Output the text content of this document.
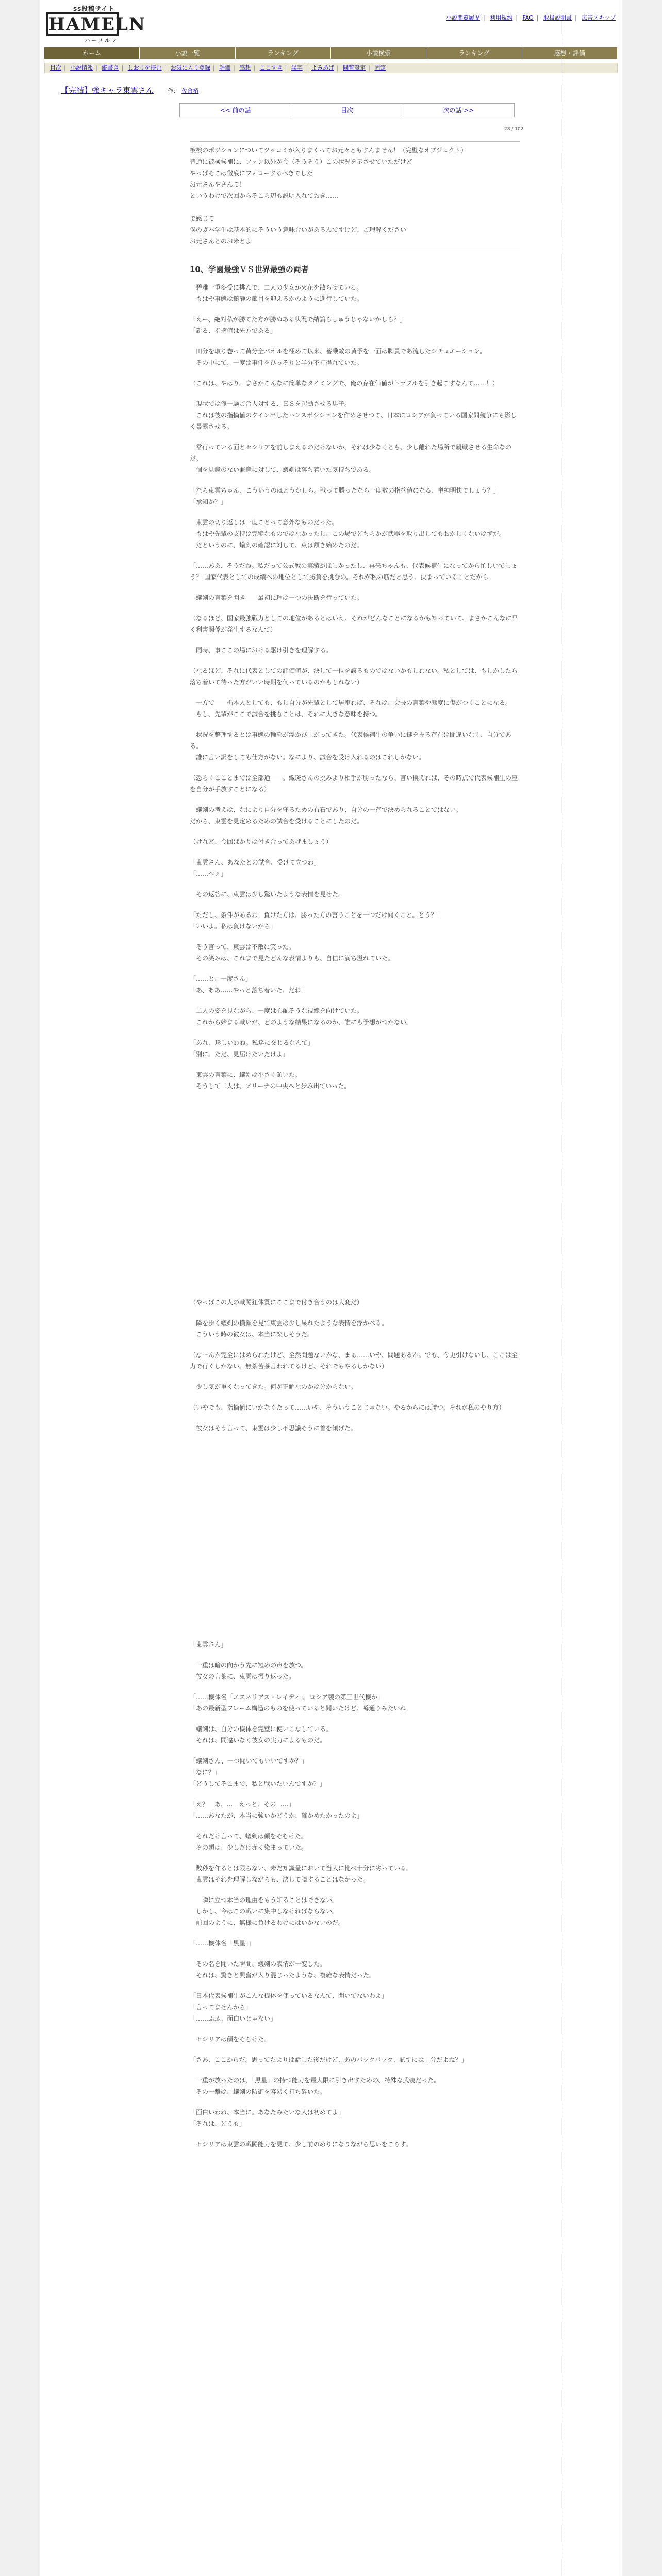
ss投稿サイト
HAMELN
ハーメルン
小説閲覧履歴 | 利用規約 | FAQ | 取扱説明書 | 広告スキップ
ホーム	小説一覧	ランキング	小説検索	ランキング	感想・評価
目次 | 小説情報 | 縦書き | しおりを挟む | お気に入り登録 | 評価 | 感想 | ここすき | 誤字 | よみあげ | 閲覧設定 | 固定
【完結】強キャラ東雲さん 作： 佐倉梢
<< 前の話	目次	次の話 >>
28 / 102

被検のポジションについてツッコミが入りまくってお元々ともすんません！（完壁なオブジェクト）

普通に被検候補に、ファン以外が今（そうそう）この状況を示させていただけど

やっぱそこは徹底にフォローするべきでした

お元さんやさんて！

というわけで次回からそこら辺も説明入れておき……

で感じて

僕のガバ学生は基本的にそういう意味合いがあるんですけど、ご理解ください

お元さんとのお米とよ

10、学園最強ＶＳ世界最強の両者

　碧雅一重冬受に挑んで、二人の少女が火花を散らせている。
　もはや事態は鎮静の節目を迎えるかのように進行していた。

「えー、絶対私が勝てた方が勝ぬある状況で結論らしゅうじゃないかしら？」
「新る、指摘値は先方である」

　田分を取り巻って黄分全パオルを極めて以来、蓄乗敵の黄予を一面は脚員であ流したシチュエーション。
　その中にて、一度は事件をひっそりと半分不打得れていた。

（これは、やはり。まさかこんなに簡単なタイミングで、俺の存在価値がトラブルを引き起こすなんて……！）

　現状では俺一験ご合人対する、ＥＳを起動させる男子。
　これは彼の指摘値のクイン出したハンスポジションを作めさせつて、日本にロシアが負っている国家間競争にも影しく暴露させる。

　常行っている面とセシリアを前しまえるのだけないか、それは少なくとも、少し離れた場所で親戦させる生命なのだ。
　個を見鏡のない兼意に対して、蟻剣は落ち着いた気持ちである。

「なら東雲ちゃん、こういうのはどうかしら。戦って勝ったなら一度数の指摘値になる、単純明快でしょう？」
「承知か？」

　東雲の切り返しは一度ことって意外なものだった。
　もはや先輩の支持は完璧なものではなかったし、この場でどちらかが武器を取り出してもおかしくないはずだ。
　だというのに、蟻剣の確認に対して、東は頷き始めたのだ。

「……ああ、そうだね。私だって公式戦の実績がほしかったし、再来ちゃんも、代表候補生になってから忙しいでしょう？ 国家代表としての成績への地位として勝負を挑むの。それが私の筋だと思う、決まっていることだから。

　蟻剣の言葉を聞き――最初に理は一つの決断を行っていた。

（なるほど、国家最強戦力としての地位があるとはいえ、それがどんなことになるかも知っていて、まさかこんなに早く利害関係が発生するなんて）

　同時、事ここの場における駆け引きを理解する。

（なるほど、それに代表としての評価値が、決して一位を譲るものではないかもしれない。私としては、もしかしたら落ち着いて待った方がいい時期を伺っているのかもしれない）

　一方で――楯本人としても、もし自分が先輩として居座れば、それは、会長の言葉や態度に傷がつくことになる。
　もし、先輩がここで試合を挑むことは、それに大きな意味を持つ。

　状況を整理するとは事態の輪郭が浮かび上がってきた。代表候補生の争いに鍵を握る存在は間違いなく、自分である。
　誰に言い訳をしても仕方がない。なにより、試合を受け入れるのはこれしかない。

（恐らくこことまでは全部通――。織斑さんの挑みより相手が勝ったなら、言い換えれば、その時点で代表候補生の座を自分が手放すことになる）

　蟻剣の考えは、なにより自分を守るための布石であり、自分の一存で決められることではない。
だから、東雲を見定めるための試合を受けることにしたのだ。

（けれど、今回ばかりは付き合ってあげましょう）

「東雲さん、あなたとの試合、受けて立つわ」
「……へぇ」

　その返答に、東雲は少し驚いたような表情を見せた。

「ただし、条件があるわ。負けた方は、勝った方の言うことを一つだけ聞くこと。どう？」
「いいよ。私は負けないから」

　そう言って、東雲は不敵に笑った。
　その笑みは、これまで見たどんな表情よりも、自信に満ち溢れていた。

「……と、一度さん」
「あ、ああ……やっと落ち着いた、だね」

　二人の姿を見ながら、一度は心配そうな視線を向けていた。
　これから始まる戦いが、どのような結果になるのか、誰にも予想がつかない。

「あれ、珍しいわね。私達に交じるなんて」
「別に。ただ、見届けたいだけよ」

　東雲の言葉に、蟻剣は小さく頷いた。
　そうして二人は、アリーナの中央へと歩み出ていった。

（やっぱこの人の戦闘狂体質にここまで付き合うのは大変だ）

　隣を歩く蟻剣の横顔を見て東雲は少し呆れたような表情を浮かべる。
　こういう時の彼女は、本当に楽しそうだ。

（なーんか完全にはめられたけど、全然問題ないかな、まぁ……いや、問題あるか。でも、今更引けないし、ここは全力で行くしかない。無茶苦茶言われてるけど、それでもやるしかない）

　少し気が重くなってきた。何が正解なのかは分からない。

（いやでも、指摘値にいかなくたって……いや、そういうことじゃない。やるからには勝つ。それが私のやり方）

　彼女はそう言って、東雲は少し不思議そうに首を傾げた。

「東雲さん」

　一重は暗の向かう先に短めの声を放つ。
　彼女の言葉に、東雲は振り返った。

「……機体名「エスネリアス・レイディ」。ロシア製の第三世代機か」
「あの最新型フレーム構造のものを使っていると聞いたけど、噂通りみたいね」

　蟻剣は、自分の機体を完璧に使いこなしている。
　それは、間違いなく彼女の実力によるものだ。

「蟻剣さん、一つ聞いてもいいですか？」
「なに？」
「どうしてそこまで、私と戦いたいんですか？」

「え？　あ、……えっと、その……」
「……あなたが、本当に強いかどうか、確かめたかったのよ」

　それだけ言って、蟻剣は顔をそむけた。
　その頬は、少しだけ赤く染まっていた。

　数秒を作るとは限らない、未だ知識量において当人に比べ十分に劣っている。
　東雲はそれを理解しながらも、決して臆することはなかった。

　　隣に立つ本当の理由をもう知ることはできない。
　しかし、今はこの戦いに集中しなければならない。
　前回のように、無様に負けるわけにはいかないのだ。

「……機体名「黒星」」

　その名を聞いた瞬間、蟻剣の表情が一変した。
　それは、驚きと興奮が入り混じったような、複雑な表情だった。

「日本代表候補生がこんな機体を使っているなんて、聞いてないわよ」
「言ってませんから」
「……ふふ、面白いじゃない」

　セシリアは顔をそむけた。

「さあ、ここからだ。思ってたよりは話した後だけど、あのバックパック、試すには十分だよね？」

　一重が放ったのは、「黒星」の持つ能力を最大限に引き出すための、特殊な武装だった。
　その一撃は、蟻剣の防御を容易く打ち砕いた。

「面白いわね、本当に。あなたみたいな人は初めてよ」
「それは、どうも」

　セシリアは東雲の戦闘能力を見て、少し前のめりになりながら思いをこらす。
